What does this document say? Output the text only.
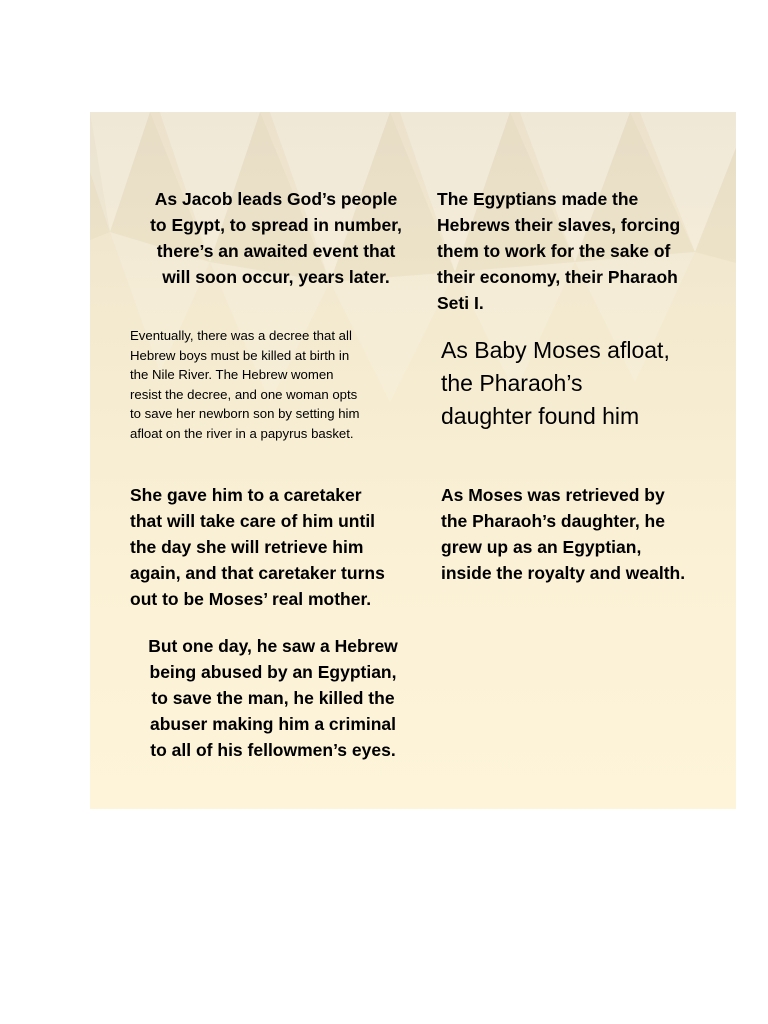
As Jacob leads God’s people
to Egypt, to spread in number,
there’s an awaited event that
will soon occur, years later.

The Egyptians made the
Hebrews their slaves, forcing
them to work for the sake of
their economy, their Pharaoh
Seti I.

Eventually, there was a decree that all
Hebrew boys must be killed at birth in
the Nile River. The Hebrew women
resist the decree, and one woman opts
to save her newborn son by setting him
afloat on the river in a papyrus basket.

As Baby Moses afloat,
the Pharaoh’s
daughter found him

She gave him to a caretaker
that will take care of him until
the day she will retrieve him
again, and that caretaker turns
out to be Moses’ real mother.

As Moses was retrieved by
the Pharaoh’s daughter, he
grew up as an Egyptian,
inside the royalty and wealth.

But one day, he saw a Hebrew
being abused by an Egyptian,
to save the man, he killed the
abuser making him a criminal
to all of his fellowmen’s eyes.
